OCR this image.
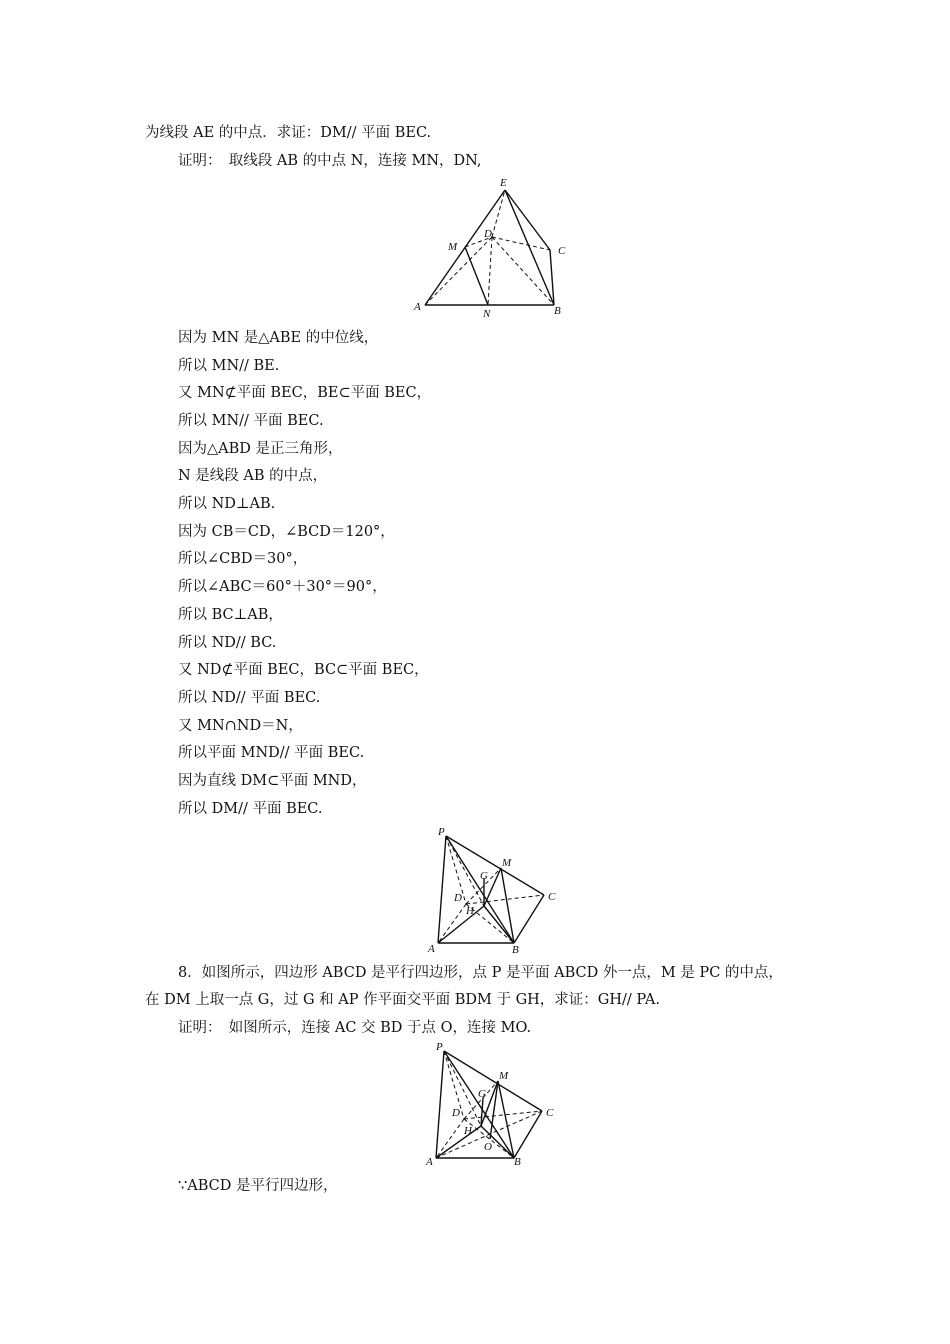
为线段 AE 的中点．求证：DM// 平面 BEC.
证明：　取线段 AB 的中点 N，连接 MN，DN,
E
M
D
C
A
N	B
因为 MN 是△ABE 的中位线，
所以 MN// BE.
又 MN⊄平面 BEC，BE⊂平面 BEC，
所以 MN// 平面 BEC.
因为△ABD 是正三角形，
N 是线段 AB 的中点，
所以 ND⊥AB.
因为 CB＝CD，∠BCD＝120°，
所以∠CBD＝30°，
所以∠ABC＝60°＋30°＝90°，
所以 BC⊥AB，
所以 ND// BC.
又 ND⊄平面 BEC，BC⊂平面 BEC，
所以 ND// 平面 BEC.
又 MN∩ND＝N，
所以平面 MND// 平面 BEC.
因为直线 DM⊂平面 MND，
所以 DM// 平面 BEC.
P
M
G
D
H
C
A	B
8．如图所示，四边形 ABCD 是平行四边形，点 P 是平面 ABCD 外一点，M 是 PC 的中点，
在 DM 上取一点 G，过 G 和 AP 作平面交平面 BDM 于 GH，求证：GH// PA.
证明：　如图所示，连接 AC 交 BD 于点 O，连接 MO.
P
M
G
D
H
O
C
A	B
∵ABCD 是平行四边形，
